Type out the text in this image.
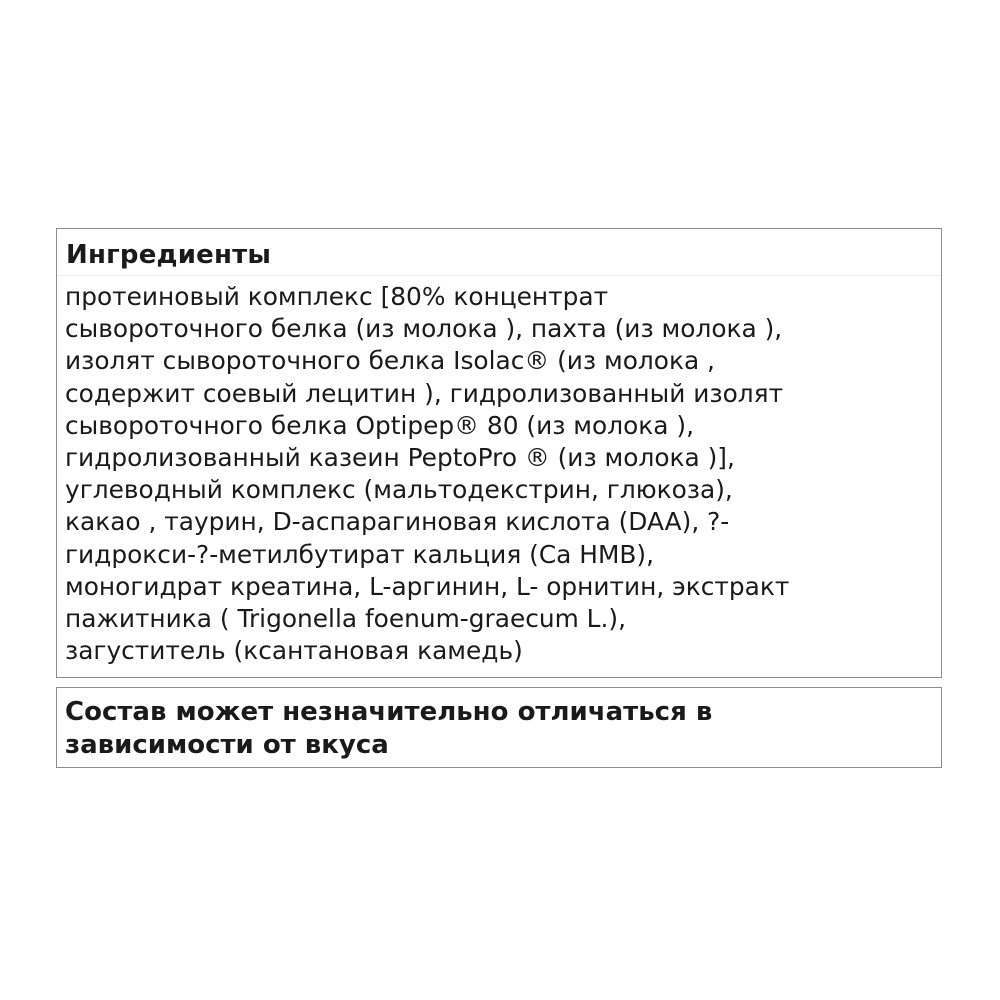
Ингредиенты
протеиновый комплекс [80% концентрат
сывороточного белка (из молока ), пахта (из молока ),
изолят сывороточного белка Isolac® (из молока ,
содержит соевый лецитин ), гидролизованный изолят
сывороточного белка Optipep® 80 (из молока ),
гидролизованный казеин PeptoPro ® (из молока )],
углеводный комплекс (мальтодекстрин, глюкоза),
какао , таурин, D-аспарагиновая кислота (DAA), ?-
гидрокси-?-метилбутират кальция (Ca HMB),
моногидрат креатина, L-аргинин, L- орнитин, экстракт
пажитника ( Trigonella foenum-graecum L.),
загуститель (ксантановая камедь)

Состав может незначительно отличаться в
зависимости от вкуса
